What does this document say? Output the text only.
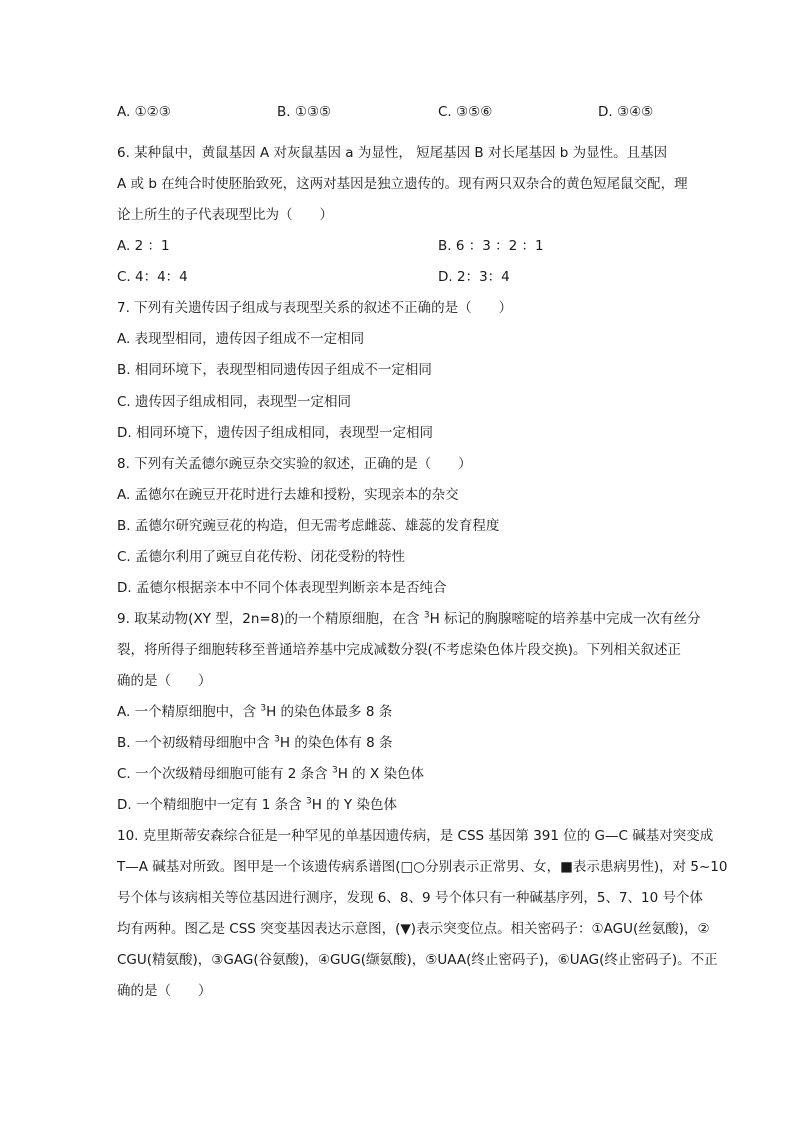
A. ①②③	B. ①③⑤	C. ③⑤⑥	D. ③④⑤
6. 某种鼠中，黄鼠基因 A 对灰鼠基因 a 为显性， 短尾基因 B 对长尾基因 b 为显性。且基因
A 或 b 在纯合时使胚胎致死，这两对基因是独立遗传的。现有两只双杂合的黄色短尾鼠交配，理
论上所生的子代表现型比为（　　）
A. 2 ：1	B. 6 ：3 ：2 ：1
C. 4：4：4	D. 2：3：4
7. 下列有关遗传因子组成与表现型关系的叙述不正确的是（　　）
A. 表现型相同，遗传因子组成不一定相同
B. 相同环境下，表现型相同遗传因子组成不一定相同
C. 遗传因子组成相同，表现型一定相同
D. 相同环境下，遗传因子组成相同，表现型一定相同
8. 下列有关孟德尔豌豆杂交实验的叙述，正确的是（　　）
A. 孟德尔在豌豆开花时进行去雄和授粉，实现亲本的杂交
B. 孟德尔研究豌豆花的构造，但无需考虑雌蕊、雄蕊的发育程度
C. 孟德尔利用了豌豆自花传粉、闭花受粉的特性
D. 孟德尔根据亲本中不同个体表现型判断亲本是否纯合
9. 取某动物(XY 型，2n=8)的一个精原细胞，在含 $^3$H 标记的胸腺嘧啶的培养基中完成一次有丝分
裂，将所得子细胞转移至普通培养基中完成减数分裂(不考虑染色体片段交换)。下列相关叙述正
确的是（　　）
A. 一个精原细胞中，含 $^3$H 的染色体最多 8 条
B. 一个初级精母细胞中含 $^3$H 的染色体有 8 条
C. 一个次级精母细胞可能有 2 条含 $^3$H 的 X 染色体
D. 一个精细胞中一定有 1 条含 $^3$H 的 Y 染色体
10. 克里斯蒂安森综合征是一种罕见的单基因遗传病，是 CSS 基因第 391 位的 G—C 碱基对突变成
T—A 碱基对所致。图甲是一个该遗传病系谱图(□○分别表示正常男、女，■表示患病男性)，对 5~10
号个体与该病相关等位基因进行测序，发现 6、8、9 号个体只有一种碱基序列，5、7、10 号个体
均有两种。图乙是 CSS 突变基因表达示意图，(▼)表示突变位点。相关密码子：①AGU(丝氨酸)，②
CGU(精氨酸)，③GAG(谷氨酸)，④GUG(缬氨酸)，⑤UAA(终止密码子)，⑥UAG(终止密码子)。不正
确的是（　　）
